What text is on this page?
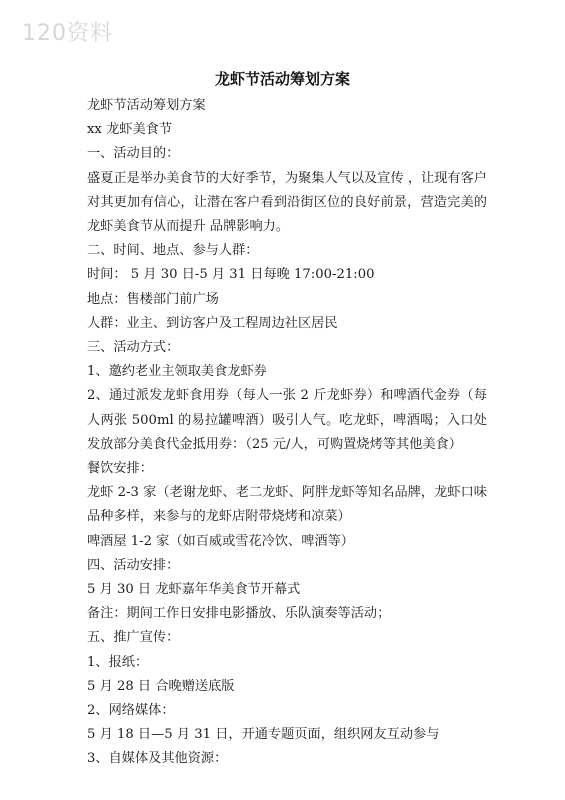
120资料
龙虾节活动筹划方案

龙虾节活动筹划方案

xx 龙虾美食节

一、活动目的：

盛夏正是举办美食节的大好季节，为聚集人气以及宣传 ，让现有客户对其更加有信心，让潜在客户看到沿街区位的良好前景，营造完美的龙虾美食节从而提升 品牌影响力。

二、时间、地点、参与人群：

时间： 5 月 30 日-5 月 31 日每晚 17:00-21:00

地点：售楼部门前广场

人群：业主、到访客户及工程周边社区居民

三、活动方式：

1、邀约老业主领取美食龙虾券

2、通过派发龙虾食用券（每人一张 2 斤龙虾券）和啤酒代金券（每人两张 500ml 的易拉罐啤酒）吸引人气。吃龙虾，啤酒喝；入口处发放部分美食代金抵用券：（25 元/人，可购置烧烤等其他美食）

餐饮安排：

龙虾 2-3 家（老谢龙虾、老二龙虾、阿胖龙虾等知名品牌，龙虾口味品种多样，来参与的龙虾店附带烧烤和凉菜）

啤酒屋 1-2 家（如百威或雪花冷饮、啤酒等）

四、活动安排：

5 月 30 日 龙虾嘉年华美食节开幕式

备注：期间工作日安排电影播放、乐队演奏等活动；

五、推广宣传：

1、报纸：

5 月 28 日 合晚赠送底版

2、网络媒体：

5 月 18 日—5 月 31 日，开通专题页面，组织网友互动参与

3、自媒体及其他资源：
